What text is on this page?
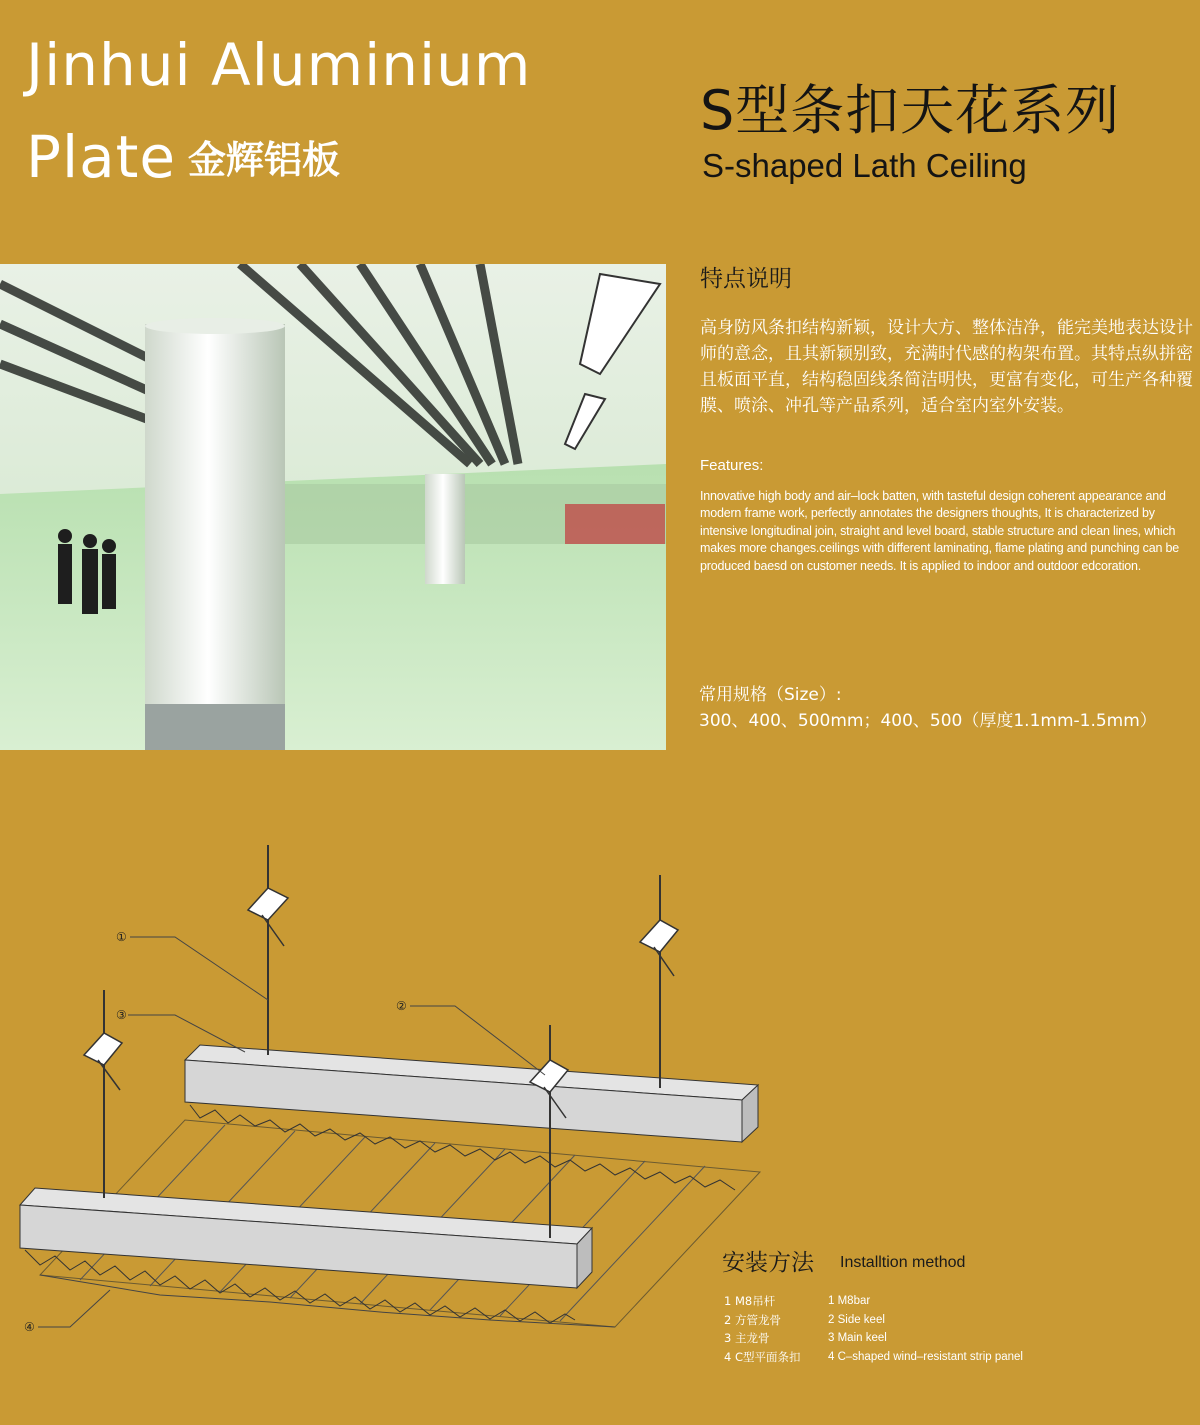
Jinhui Aluminium
Plate 金辉铝板
S型条扣天花系列
S-shaped Lath Ceiling
特点说明
高身防风条扣结构新颖，设计大方、整体洁净，能完美地表达设计师的意念，且其新颖别致，充满时代感的构架布置。其特点纵拼密且板面平直，结构稳固线条简洁明快，更富有变化，可生产各种覆膜、喷涂、冲孔等产品系列，适合室内室外安装。
Features:
Innovative high body and air–lock batten, with tasteful design coherent appearance and modern frame work, perfectly annotates the designers thoughts, It is characterized by intensive longitudinal join, straight and level board, stable structure and clean lines, which makes more changes.ceilings with different laminating, flame plating and punching can be produced baesd on customer needs. It is applied to indoor and outdoor edcoration.
常用规格（Size）:
300、400、500mm；400、500（厚度1.1mm-1.5mm）
①
②
③
④
安装方法 Installtion method
1 M8吊杆
2 方管龙骨
3 主龙骨
4 C型平面条扣
1 M8bar
2 Side keel
3 Main keel
4 C–shaped wind–resistant strip panel
